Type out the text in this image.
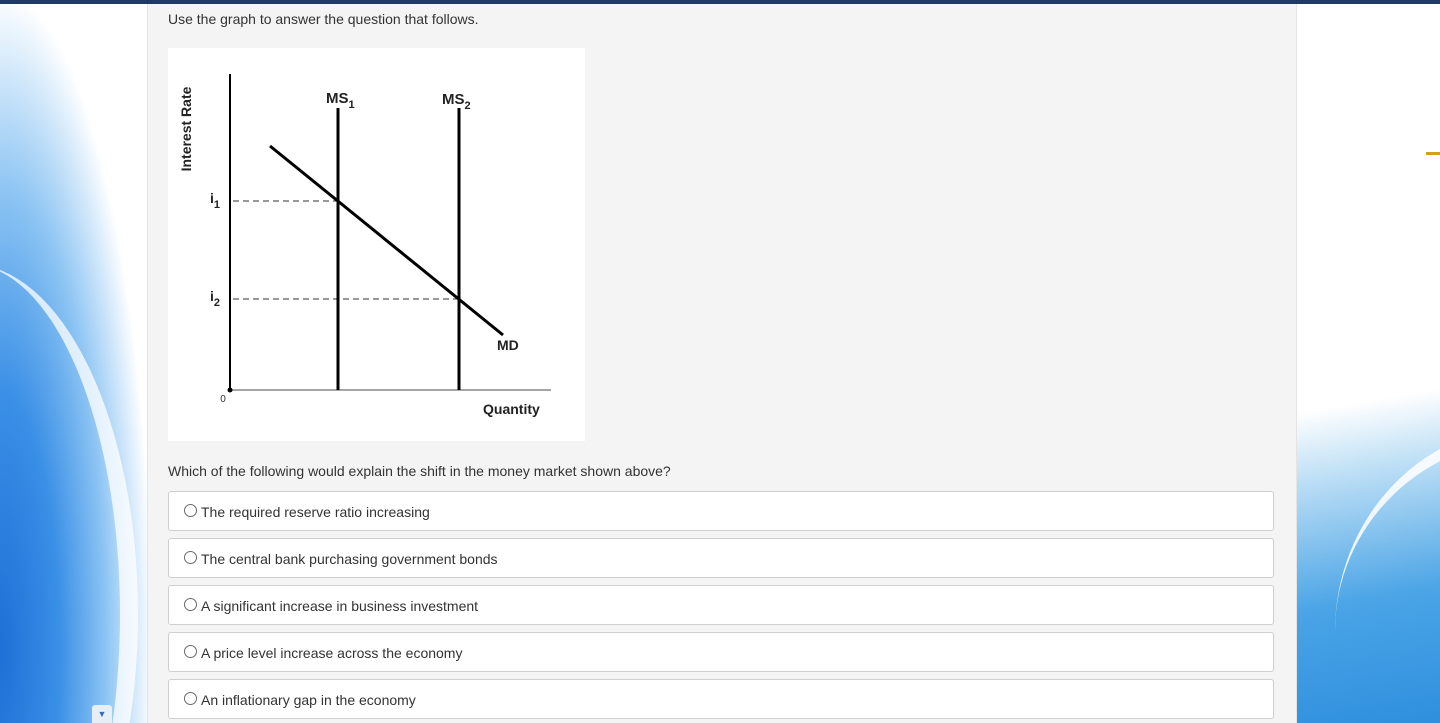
▼
Use the graph to answer the question that follows.
0
Interest Rate
$i_1$
$i_2$
$MS_1$	$MS_2$
MD
Quantity
Which of the following would explain the shift in the money market shown above?
The required reserve ratio increasing
The central bank purchasing government bonds
A significant increase in business investment
A price level increase across the economy
An inflationary gap in the economy
